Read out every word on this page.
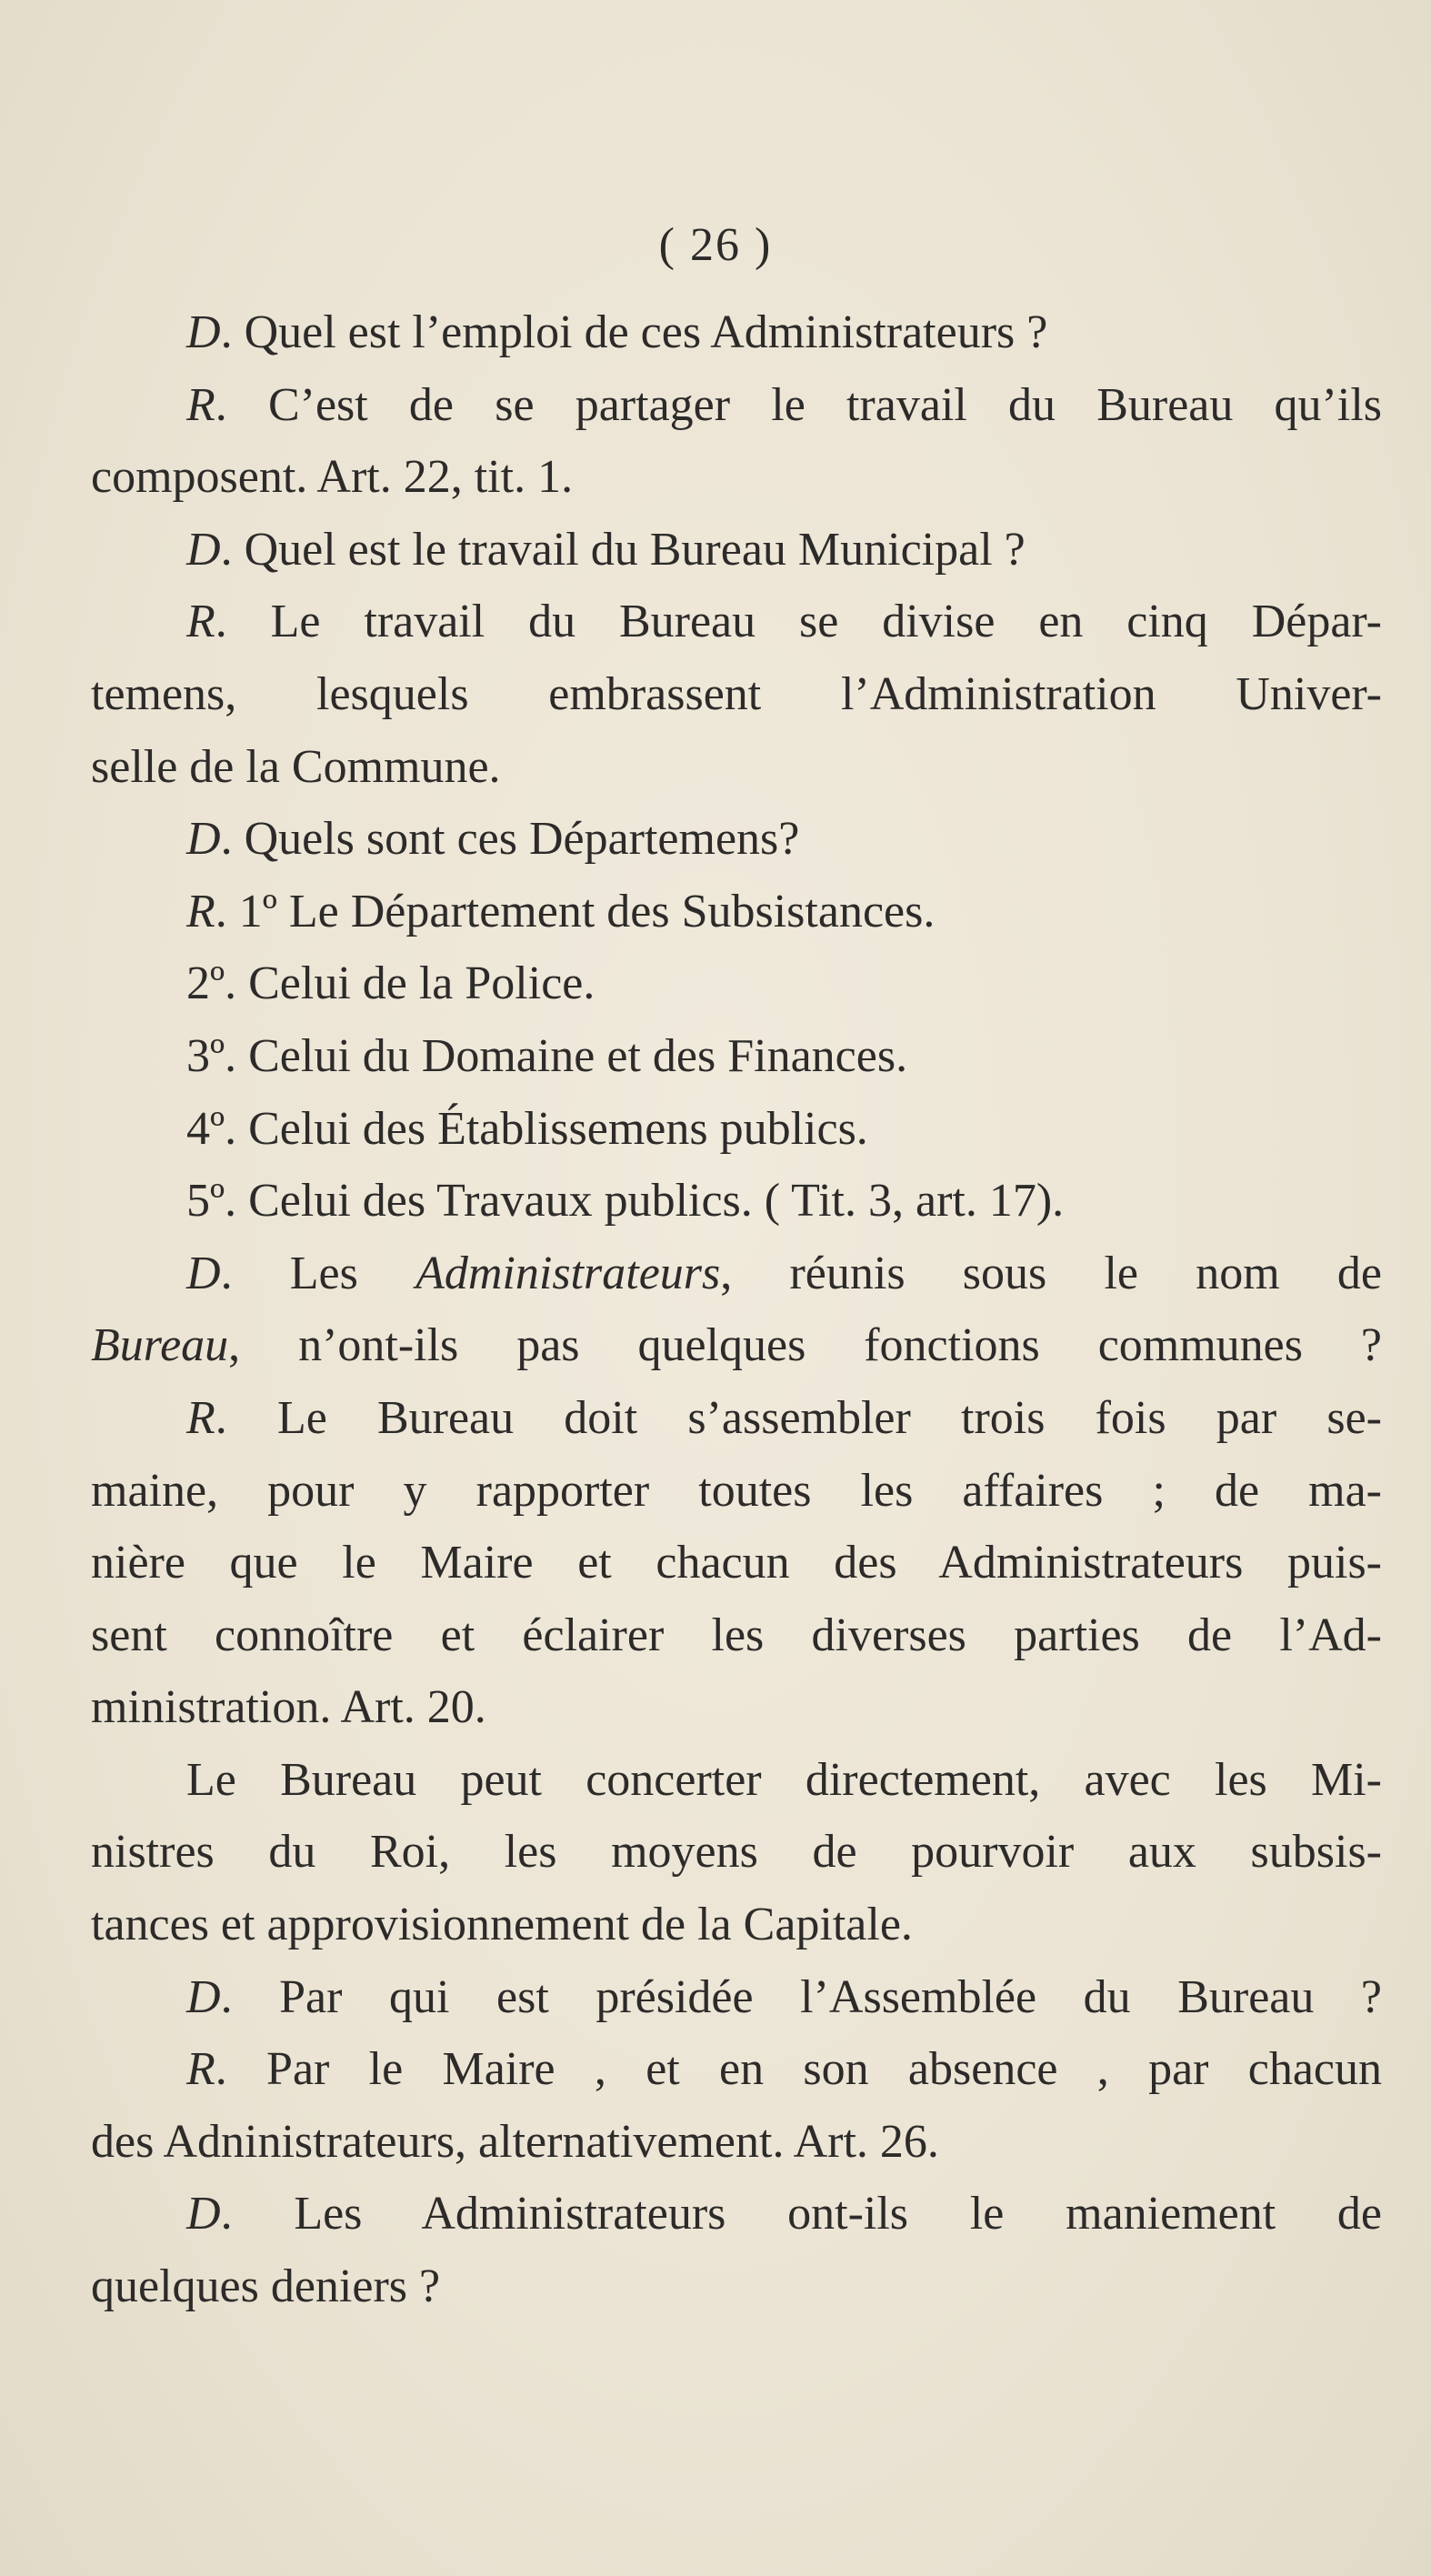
( 26 )
D. Quel est l’emploi de ces Administrateurs ?
R. C’est de se partager le travail du Bureau qu’ils
composent. Art. 22, tit. 1.
D. Quel est le travail du Bureau Municipal ?
R. Le travail du Bureau se divise en cinq Dépar-
temens, lesquels embrassent l’Administration Univer-
selle de la Commune.
D. Quels sont ces Départemens?
R. 1º Le Département des Subsistances.
2º. Celui de la Police.
3º. Celui du Domaine et des Finances.
4º. Celui des Établissemens publics.
5º. Celui des Travaux publics. ( Tit. 3, art. 17).
D. Les Administrateurs, réunis sous le nom de
Bureau, n’ont-ils pas quelques fonctions communes ?
R. Le Bureau doit s’assembler trois fois par se-
maine, pour y rapporter toutes les affaires ; de ma-
nière que le Maire et chacun des Administrateurs puis-
sent connoître et éclairer les diverses parties de l’Ad-
ministration. Art. 20.
Le Bureau peut concerter directement, avec les Mi-
nistres du Roi, les moyens de pourvoir aux subsis-
tances et approvisionnement de la Capitale.
D. Par qui est présidée l’Assemblée du Bureau ?
R. Par le Maire , et en son absence , par chacun
des Adninistrateurs, alternativement. Art. 26.
D. Les Administrateurs ont-ils le maniement de
quelques deniers ?
